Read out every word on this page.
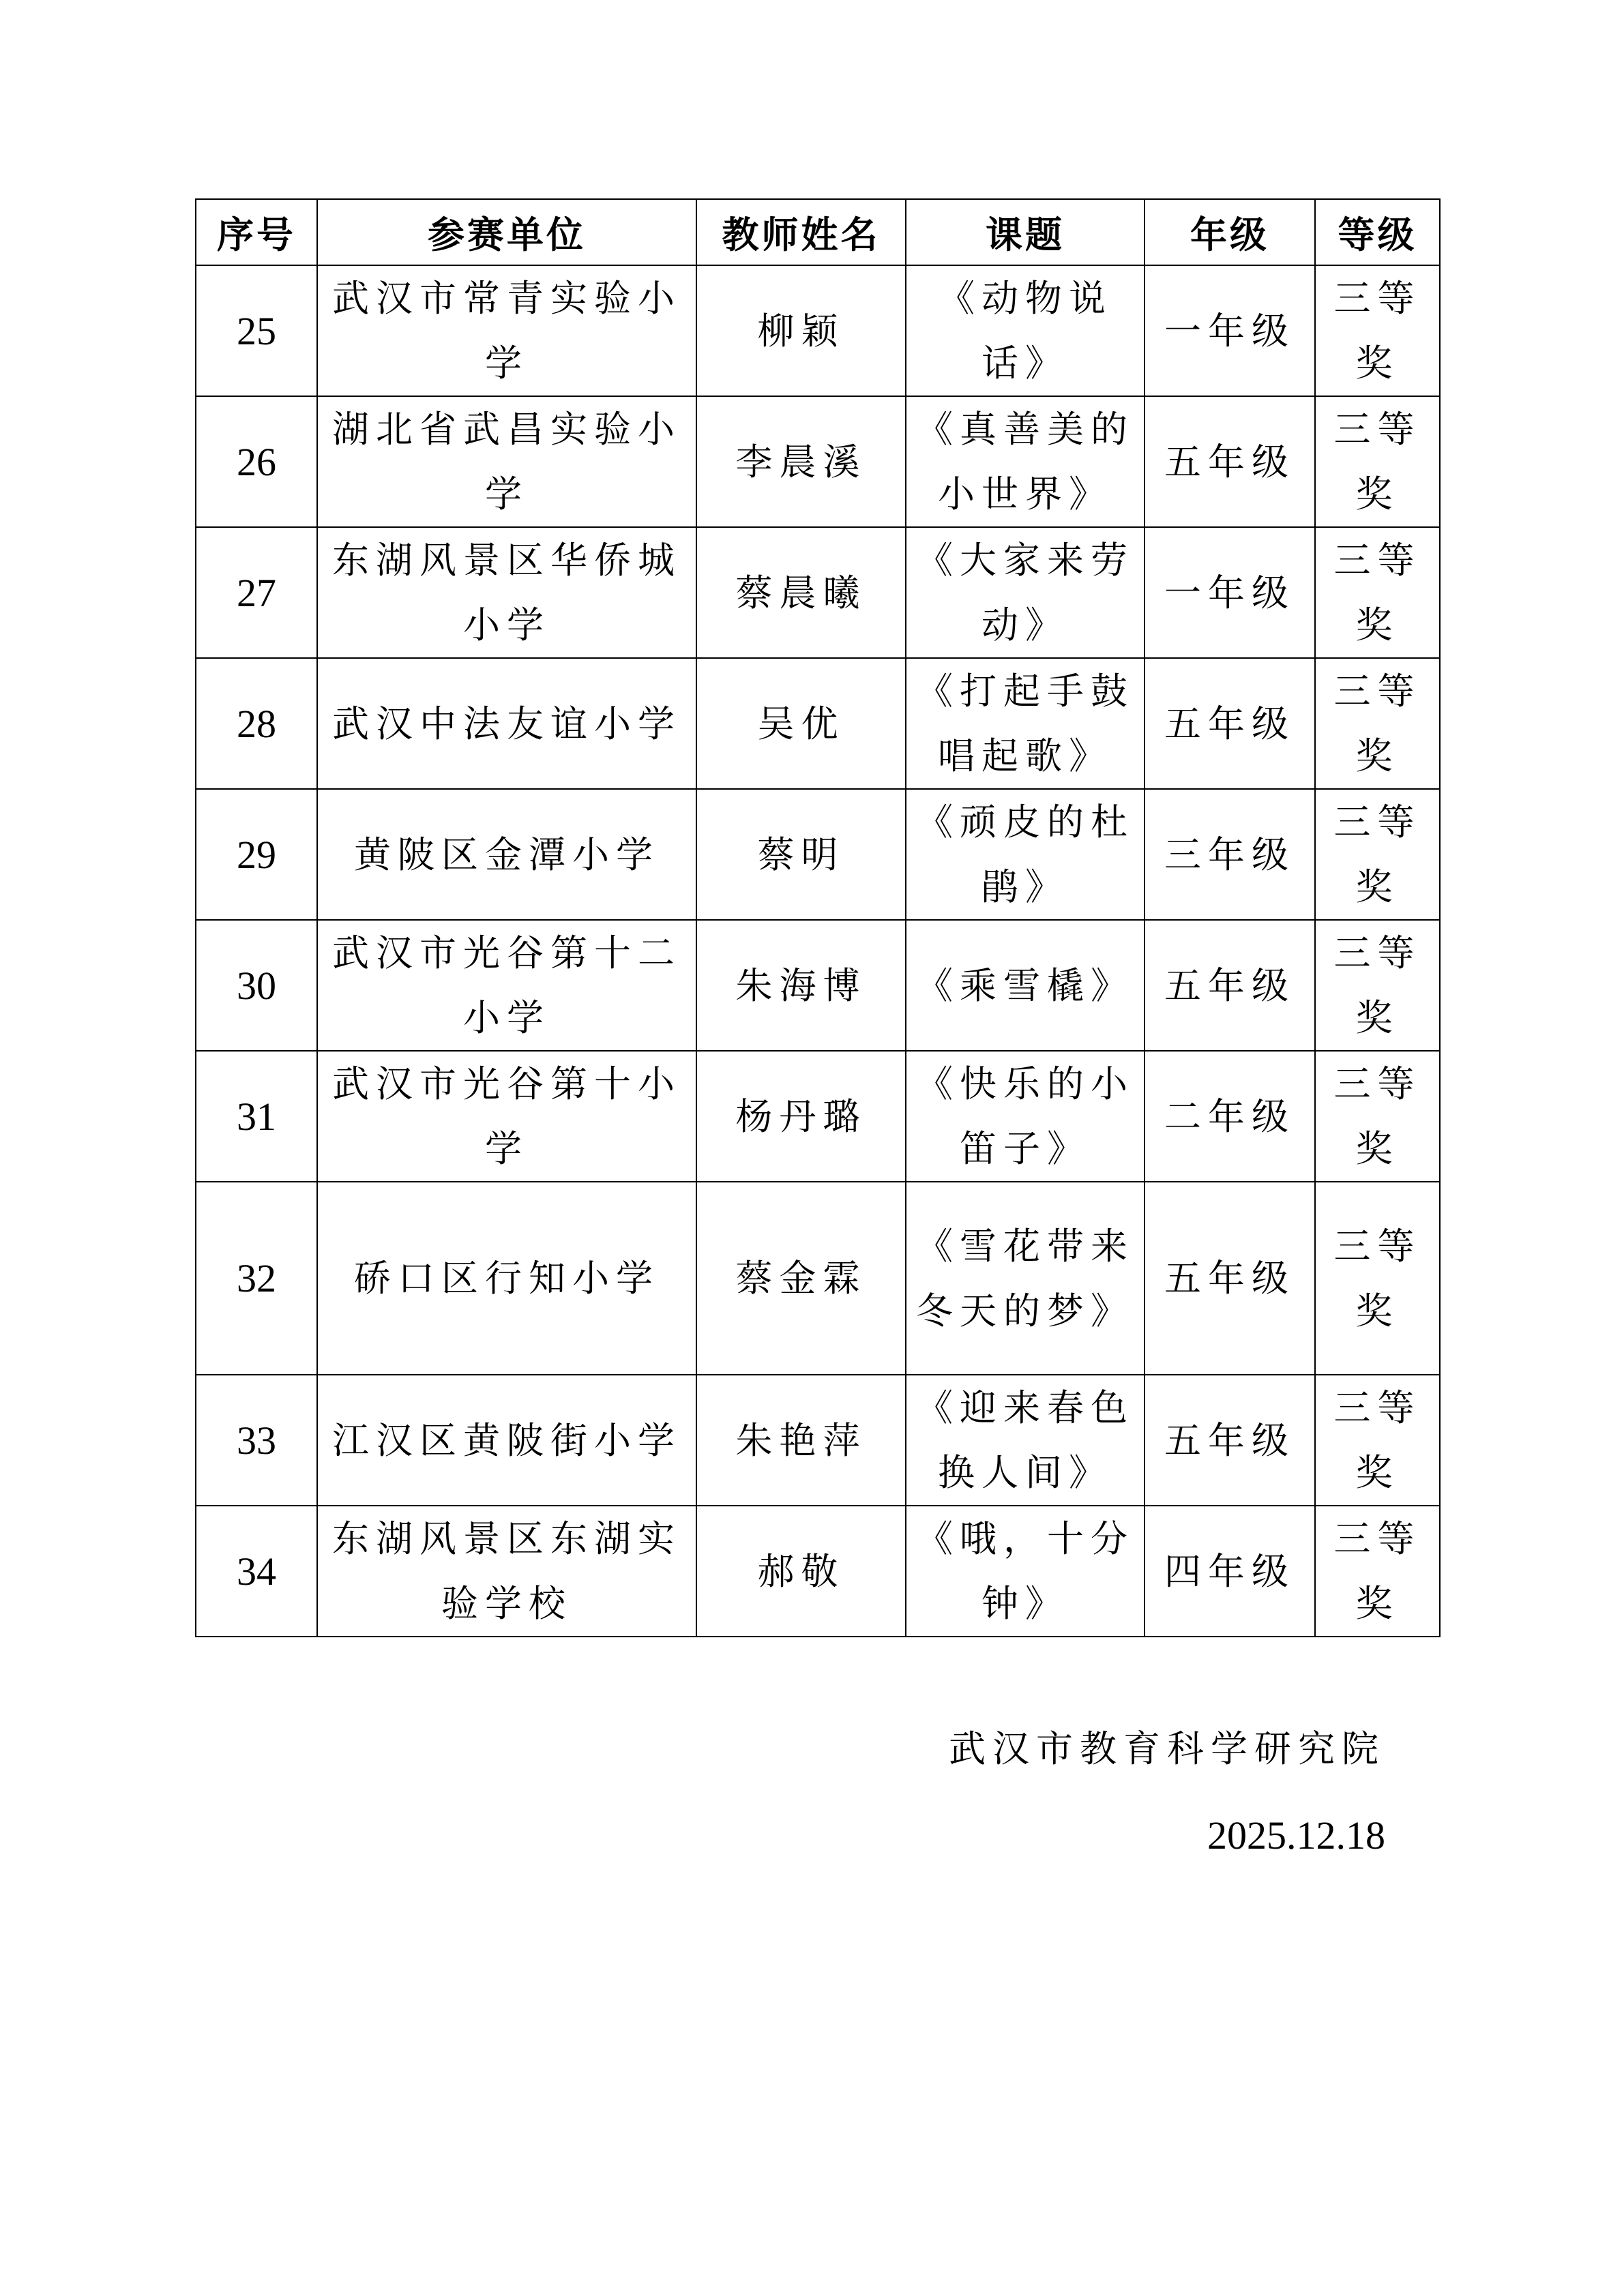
序号	参赛单位	教师姓名	课题	年级	等级
25	武汉市常青实验小学	柳颖	《动物说话》	一年级	三等奖
26	湖北省武昌实验小学	李晨溪	《真善美的小世界》	五年级	三等奖
27	东湖风景区华侨城小学	蔡晨曦	《大家来劳动》	一年级	三等奖
28	武汉中法友谊小学	吴优	《打起手鼓唱起歌》	五年级	三等奖
29	黄陂区金潭小学	蔡明	《顽皮的杜鹃》	三年级	三等奖
30	武汉市光谷第十二小学	朱海博	《乘雪橇》	五年级	三等奖
31	武汉市光谷第十小学	杨丹璐	《快乐的小笛子》	二年级	三等奖
32	硚口区行知小学	蔡金霖	《雪花带来冬天的梦》	五年级	三等奖
33	江汉区黄陂街小学	朱艳萍	《迎来春色换人间》	五年级	三等奖
34	东湖风景区东湖实验学校	郝敬	《哦，十分钟》	四年级	三等奖
武汉市教育科学研究院
2025.12.18
